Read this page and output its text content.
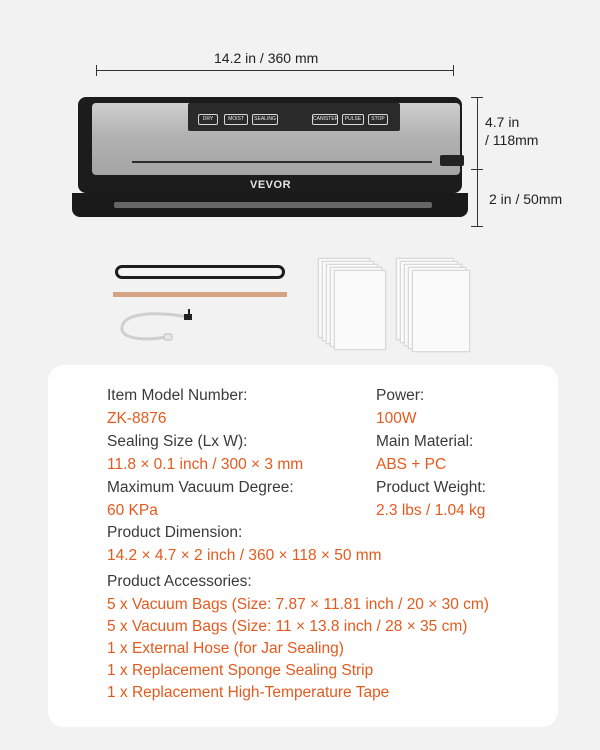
14.2 in / 360 mm
4.7 in
/ 118mm
2 in / 50mm
DRY	MOIST	SEALING	CANISTER	PULSE	STOP
VEVOR
Item Model Number:
ZK-8876
Sealing Size (Lx W):
11.8 × 0.1 inch / 300 × 3 mm
Maximum Vacuum Degree:
60 KPa
Power:
100W
Main Material:
ABS + PC
Product Weight:
2.3 lbs / 1.04 kg
Product Dimension:
14.2 × 4.7 × 2 inch / 360 × 118 × 50 mm
Product Accessories:
5 x Vacuum Bags (Size: 7.87 × 11.81 inch / 20 × 30 cm)
5 x Vacuum Bags (Size: 11 × 13.8 inch / 28 × 35 cm)
1 x External Hose (for Jar Sealing)
1 x Replacement Sponge Sealing Strip
1 x Replacement High-Temperature Tape
